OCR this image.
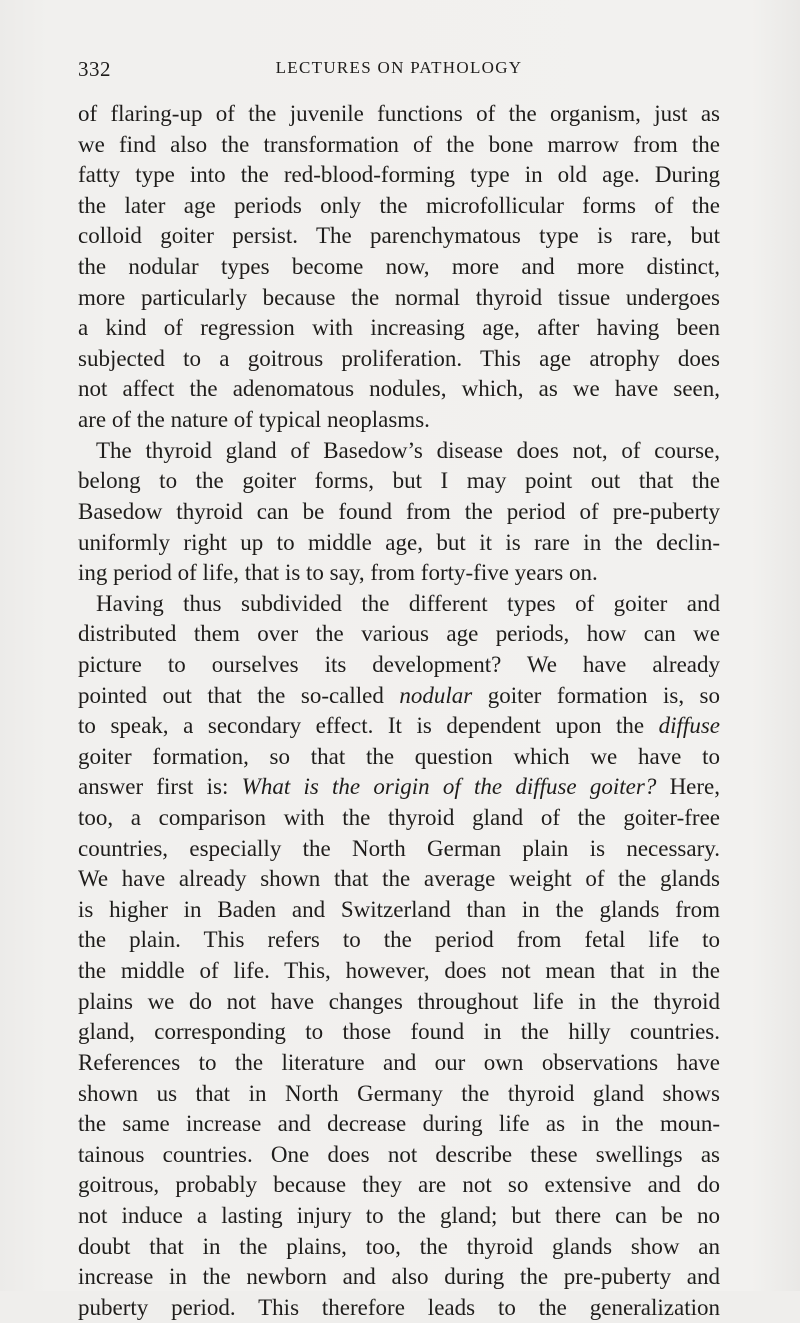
332	LECTURES ON PATHOLOGY
of flaring-up of the juvenile functions of the organism, just as
we find also the transformation of the bone marrow from the
fatty type into the red-blood-forming type in old age. During
the later age periods only the microfollicular forms of the
colloid goiter persist. The parenchymatous type is rare, but
the nodular types become now, more and more distinct,
more particularly because the normal thyroid tissue undergoes
a kind of regression with increasing age, after having been
subjected to a goitrous proliferation. This age atrophy does
not affect the adenomatous nodules, which, as we have seen,
are of the nature of typical neoplasms.
The thyroid gland of Basedow’s disease does not, of course,
belong to the goiter forms, but I may point out that the
Basedow thyroid can be found from the period of pre-puberty
uniformly right up to middle age, but it is rare in the declin-
ing period of life, that is to say, from forty-five years on.
Having thus subdivided the different types of goiter and
distributed them over the various age periods, how can we
picture to ourselves its development? We have already
pointed out that the so-called nodular goiter formation is, so
to speak, a secondary effect. It is dependent upon the diffuse
goiter formation, so that the question which we have to
answer first is: What is the origin of the diffuse goiter? Here,
too, a comparison with the thyroid gland of the goiter-free
countries, especially the North German plain is necessary.
We have already shown that the average weight of the glands
is higher in Baden and Switzerland than in the glands from
the plain. This refers to the period from fetal life to
the middle of life. This, however, does not mean that in the
plains we do not have changes throughout life in the thyroid
gland, corresponding to those found in the hilly countries.
References to the literature and our own observations have
shown us that in North Germany the thyroid gland shows
the same increase and decrease during life as in the moun-
tainous countries. One does not describe these swellings as
goitrous, probably because they are not so extensive and do
not induce a lasting injury to the gland; but there can be no
doubt that in the plains, too, the thyroid glands show an
increase in the newborn and also during the pre-puberty and
puberty period. This therefore leads to the generalization
